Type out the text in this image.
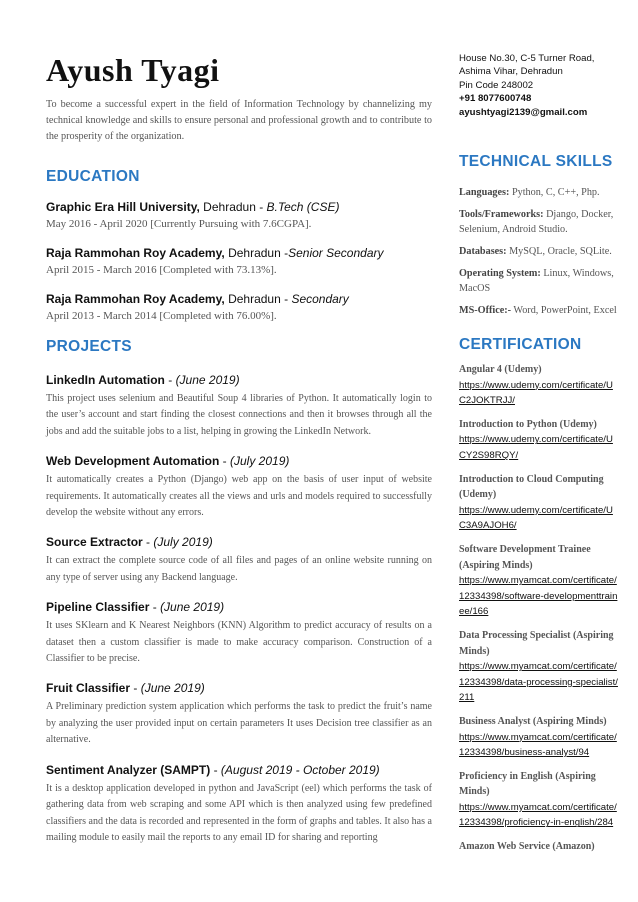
Ayush Tyagi

To become a successful expert in the field of Information Technology by channelizing my technical knowledge and skills to ensure personal and professional growth and to contribute to the prosperity of the organization.

EDUCATION
Graphic Era Hill University, Dehradun - B.Tech (CSE)
May 2016 - April 2020 [Currently Pursuing with 7.6CGPA].
Raja Rammohan Roy Academy, Dehradun -Senior Secondary
April 2015 - March 2016 [Completed with 73.13%].
Raja Rammohan Roy Academy, Dehradun - Secondary
April 2013 - March 2014 [Completed with 76.00%].
PROJECTS
LinkedIn Automation - (June 2019)
This project uses selenium and Beautiful Soup 4 libraries of Python. It automatically login to the user’s account and start finding the closest connections and then it browses through all the jobs and add the suitable jobs to a list, helping in growing the LinkedIn Network.
Web Development Automation - (July 2019)
It automatically creates a Python (Django) web app on the basis of user input of website requirements. It automatically creates all the views and urls and models required to successfully develop the website without any errors.
Source Extractor - (July 2019)
It can extract the complete source code of all files and pages of an online website running on any type of server using any Backend language.
Pipeline Classifier - (June 2019)
It uses SKlearn and K Nearest Neighbors (KNN) Algorithm to predict accuracy of results on a dataset then a custom classifier is made to make accuracy comparison. Construction of a Classifier to be precise.
Fruit Classifier - (June 2019)
A Preliminary prediction system application which performs the task to predict the fruit’s name by analyzing the user provided input on certain parameters It uses Decision tree classifier as an alternative.
Sentiment Analyzer (SAMPT) - (August 2019 - October 2019)
It is a desktop application developed in python and JavaScript (eel) which performs the task of gathering data from web scraping and some API which is then analyzed using few predefined classifiers and the data is recorded and represented in the form of graphs and tables. It also has a mailing module to easily mail the reports to any email ID for sharing and reporting
House No.30, C-5 Turner Road,
Ashima Vihar, Dehradun
Pin Code 248002
+91 8077600748
ayushtyagi2139@gmail.com
TECHNICAL SKILLS
Languages: Python, C, C++, Php.
Tools/Frameworks: Django, Docker, Selenium, Android Studio.
Databases: MySQL, Oracle, SQLite.
Operating System: Linux, Windows, MacOS
MS-Office:- Word, PowerPoint, Excel
CERTIFICATION
Angular 4 (Udemy)
https://www.udemy.com/certificate/UC2JOKTRJJ/
Introduction to Python (Udemy)
https://www.udemy.com/certificate/UCY2S98RQY/
Introduction to Cloud Computing (Udemy)
https://www.udemy.com/certificate/UC3A9AJOH6/
Software Development Trainee (Aspiring Minds)
https://www.myamcat.com/certificate/12334398/software-developmenttrainee/166
Data Processing Specialist (Aspiring Minds)
https://www.myamcat.com/certificate/12334398/data-processing-specialist/211
Business Analyst (Aspiring Minds)
https://www.myamcat.com/certificate/12334398/business-analyst/94
Proficiency in English (Aspiring Minds)
https://www.myamcat.com/certificate/12334398/proficiency-in-english/284
Amazon Web Service (Amazon)
